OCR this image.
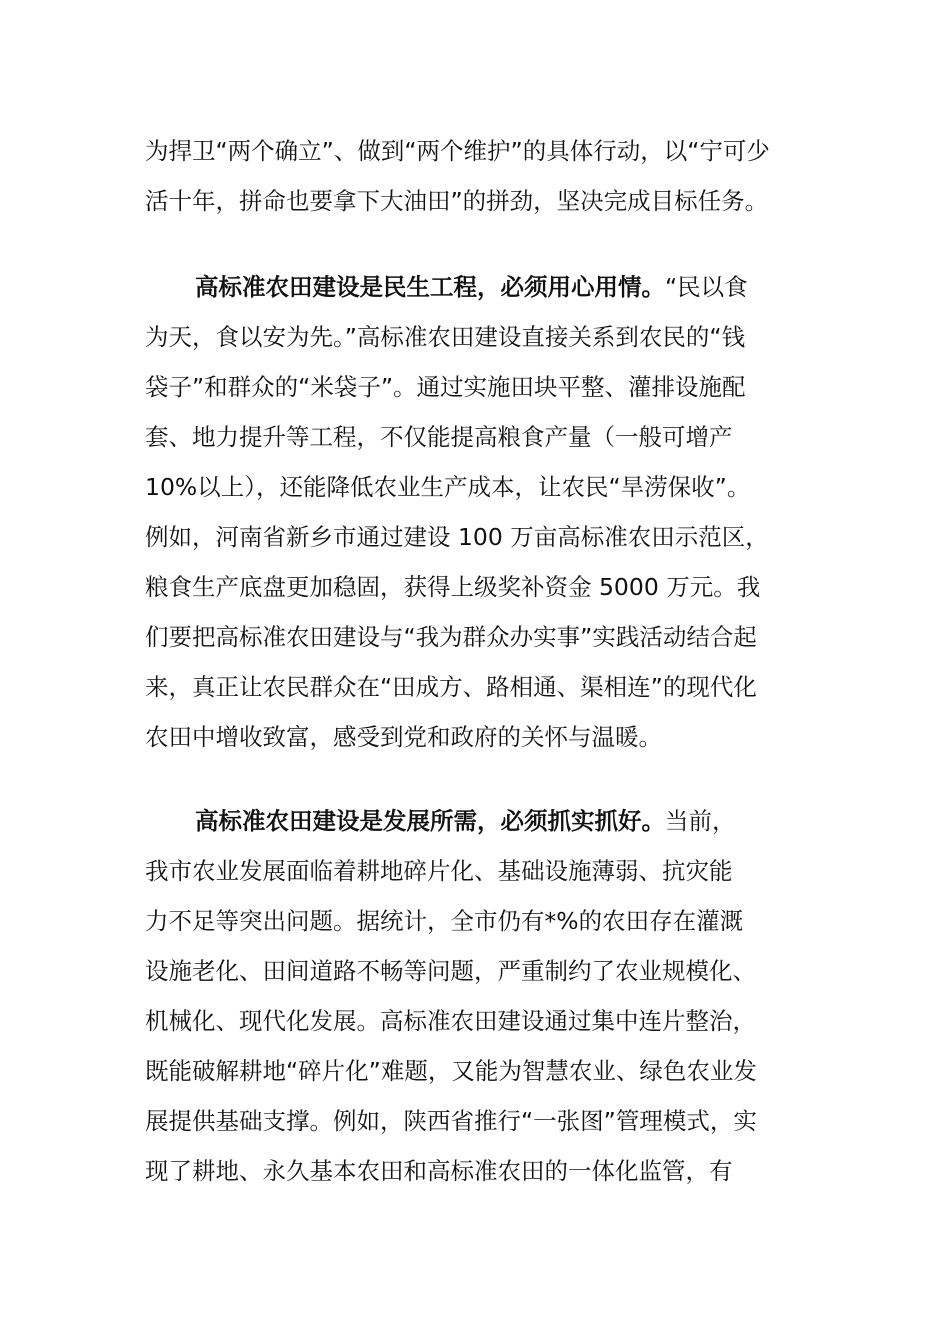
为捍卫“两个确立”、做到“两个维护”的具体行动，以“宁可少
活十年，拼命也要拿下大油田”的拼劲，坚决完成目标任务。
高标准农田建设是民生工程，必须用心用情。“民以食
为天，食以安为先。”高标准农田建设直接关系到农民的“钱
袋子”和群众的“米袋子”。通过实施田块平整、灌排设施配
套、地力提升等工程，不仅能提高粮食产量（一般可增产
10%以上），还能降低农业生产成本，让农民“旱涝保收”。
例如，河南省新乡市通过建设 100 万亩高标准农田示范区，
粮食生产底盘更加稳固，获得上级奖补资金 5000 万元。我
们要把高标准农田建设与“我为群众办实事”实践活动结合起
来，真正让农民群众在“田成方、路相通、渠相连”的现代化
农田中增收致富，感受到党和政府的关怀与温暖。
高标准农田建设是发展所需，必须抓实抓好。当前，
我市农业发展面临着耕地碎片化、基础设施薄弱、抗灾能
力不足等突出问题。据统计，全市仍有*%的农田存在灌溉
设施老化、田间道路不畅等问题，严重制约了农业规模化、
机械化、现代化发展。高标准农田建设通过集中连片整治，
既能破解耕地“碎片化”难题，又能为智慧农业、绿色农业发
展提供基础支撑。例如，陕西省推行“一张图”管理模式，实
现了耕地、永久基本农田和高标准农田的一体化监管，有
